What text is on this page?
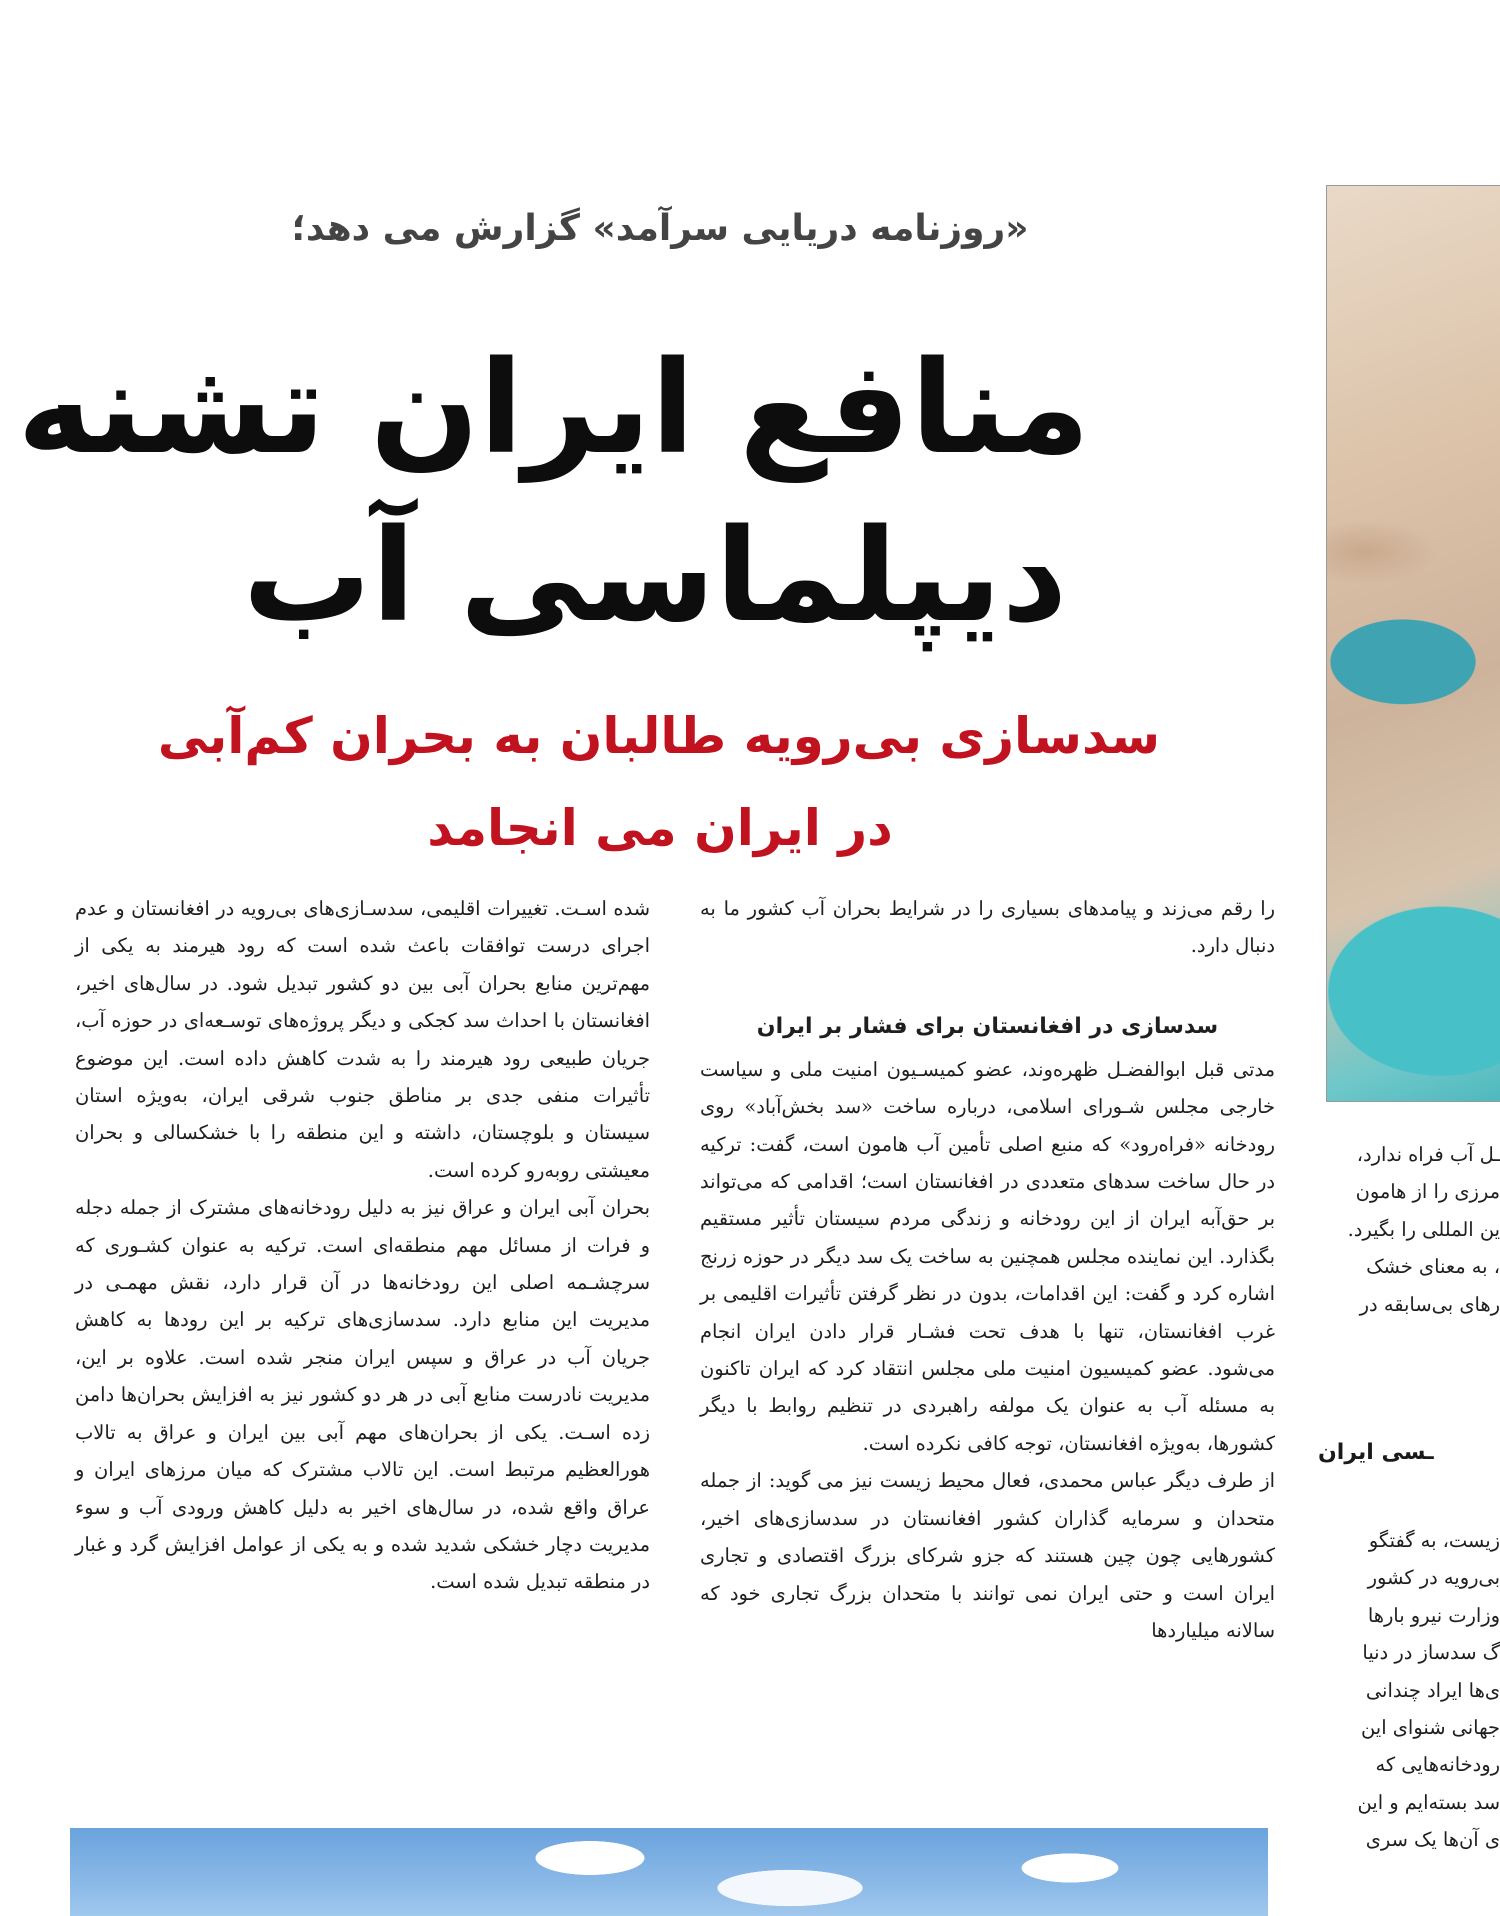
«روزنامه دریایی سرآمد» گزارش می دهد؛
منافع ایران تشنه
دیپلماسی آب
سدسازی بی‌رویه طالبان به بحران کم‌آبی
در ایران می انجامد

را رقم می‌زند و پیامدهای بسیاری را در شرایط بحران آب کشور ما به دنبال دارد.

سدسازی در افغانستان برای فشار بر ایران

مدتی قبل ابوالفضـل ظهره‌وند، عضو کمیسـیون امنیت ملی و سیاست خارجی مجلس شـورای اسلامی، درباره ساخت «سد بخش‌آباد» روی رودخانه «فراه‌رود» که منبع اصلی تأمین آب هامون است، گفت: ترکیه در حال ساخت سدهای متعددی در افغانستان است؛ اقدامی که می‌تواند بر حق‌آبه ایران از این رودخانه و زندگی مردم سیستان تأثیر مستقیم بگذارد. این نماینده مجلس همچنین به ساخت یک سد دیگر در حوزه زرنج اشاره کرد و گفت: این اقدامات، بدون در نظر گرفتن تأثیرات اقلیمی بر غرب افغانستان، تنها با هدف تحت فشـار قرار دادن ایران انجام می‌شود. عضو کمیسیون امنیت ملی مجلس انتقاد کرد که ایران تاکنون به مسئله آب به عنوان یک مولفه راهبردی در تنظیم روابط با دیگر کشورها، به‌ویژه افغانستان، توجه کافی نکرده است.

از طرف دیگر عباس محمدی، فعال محیط زیست نیز می گوید: از جمله متحدان و سرمایه گذاران کشور افغانستان در سدسازی‌های اخیر، کشورهایی چون چین هستند که جزو شرکای بزرگ اقتصادی و تجاری ایران است و حتی ایران نمی توانند با متحدان بزرگ تجاری خود که سالانه میلیاردها

شده اسـت. تغییرات اقلیمی، سدسـازی‌های بی‌رویه در افغانستان و عدم اجرای درست توافقات باعث شده است که رود هیرمند به یکی از مهم‌ترین منابع بحران آبی بین دو کشور تبدیل شود. در سال‌های اخیر، افغانستان با احداث سد کجکی و دیگر پروژه‌های توسـعه‌ای در حوزه آب، جریان طبیعی رود هیرمند را به شدت کاهش داده است. این موضوع تأثیرات منفی جدی بر مناطق جنوب شرقی ایران، به‌ویژه استان سیستان و بلوچستان، داشته و این منطقه را با خشکسالی و بحران معیشتی روبه‌رو کرده است.

بحران آبی ایران و عراق نیز به دلیل رودخانه‌های مشترک از جمله دجله و فرات از مسائل مهم منطقه‌ای است. ترکیه به عنوان کشـوری که سرچشـمه اصلی این رودخانه‌ها در آن قرار دارد، نقش مهمـی در مدیریت این منابع دارد. سدسازی‌های ترکیه بر این رودها به کاهش جریان آب در عراق و سپس ایران منجر شده است. علاوه بر این، مدیریت نادرست منابع آبی در هر دو کشور نیز به افزایش بحران‌ها دامن زده اسـت. یکی از بحران‌های مهم آبی بین ایران و عراق به تالاب هورالعظیم مرتبط است. این تالاب مشترک که میان مرزهای ایران و عراق واقع شده، در سال‌های اخیر به دلیل کاهش ورودی آب و سوء مدیریت دچار خشکی شدید شده و به یکی از عوامل افزایش گرد و غبار در منطقه تبدیل شده است.

ـل آب فراه ندارد،
مرزی را از هامون
ین المللی را بگیرد.
، به معنای خشک
رهای بی‌سابقه در
ـسی ایران
زیست، به گفتگو
بی‌رویه در کشور
وزارت نیرو بارها
گ سدساز در دنیا
ی‌ها ایراد چندانی
جهانی شنوای این
رودخانه‌هایی که
سد بسته‌ایم و این
ی آن‌ها یک سری
